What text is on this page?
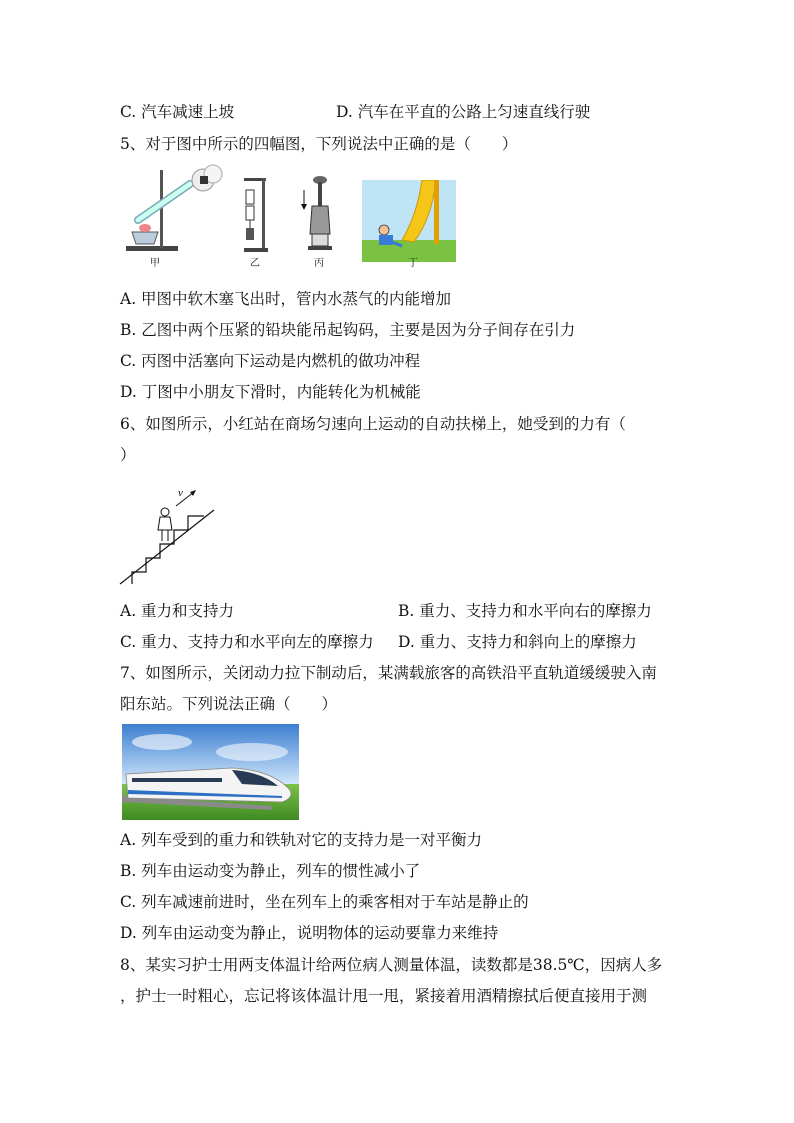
C. 汽车减速上坡	D. 汽车在平直的公路上匀速直线行驶
5、对于图中所示的四幅图，下列说法中正确的是（　　）
甲	乙	丙	丁
A. 甲图中软木塞飞出时，管内水蒸气的内能增加
B. 乙图中两个压紧的铅块能吊起钩码，主要是因为分子间存在引力
C. 丙图中活塞向下运动是内燃机的做功冲程
D. 丁图中小朋友下滑时，内能转化为机械能
6、如图所示，小红站在商场匀速向上运动的自动扶梯上，她受到的力有（
）
v
A. 重力和支持力	B. 重力、支持力和水平向右的摩擦力
C. 重力、支持力和水平向左的摩擦力 D. 重力、支持力和斜向上的摩擦力
7、如图所示，关闭动力拉下制动后，某满载旅客的高铁沿平直轨道缓缓驶入南
阳东站。下列说法正确（　　）
A. 列车受到的重力和铁轨对它的支持力是一对平衡力
B. 列车由运动变为静止，列车的惯性减小了
C. 列车减速前进时，坐在列车上的乘客相对于车站是静止的
D. 列车由运动变为静止，说明物体的运动要靠力来维持
8、某实习护士用两支体温计给两位病人测量体温，读数都是38.5℃，因病人多
，护士一时粗心，忘记将该体温计甩一甩，紧接着用酒精擦拭后便直接用于测
